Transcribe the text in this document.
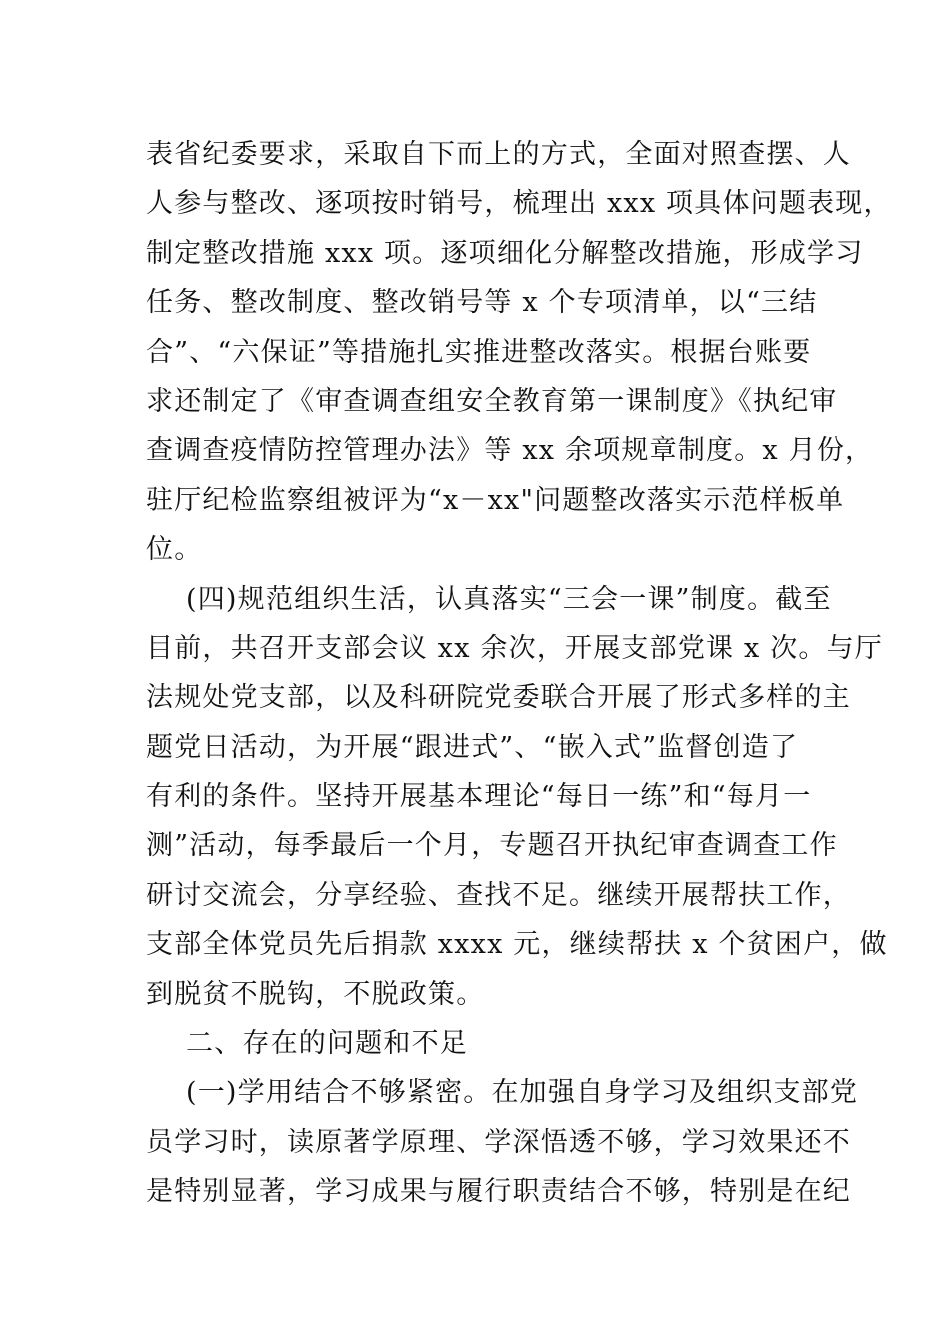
表省纪委要求，采取自下而上的方式，全面对照查摆、人
人参与整改、逐项按时销号，梳理出 xxx 项具体问题表现，
制定整改措施 xxx 项。逐项细化分解整改措施，形成学习
任务、整改制度、整改销号等 x 个专项清单，以“三结
合”、“六保证”等措施扎实推进整改落实。根据台账要
求还制定了《审查调查组安全教育第一课制度》《执纪审
查调查疫情防控管理办法》等 xx 余项规章制度。x 月份，
驻厅纪检监察组被评为“x－xx"问题整改落实示范样板单
位。
(四)规范组织生活，认真落实“三会一课”制度。截至
目前，共召开支部会议 xx 余次，开展支部党课 x 次。与厅
法规处党支部，以及科研院党委联合开展了形式多样的主
题党日活动，为开展“跟进式”、“嵌入式”监督创造了
有利的条件。坚持开展基本理论“每日一练”和“每月一
测”活动，每季最后一个月，专题召开执纪审查调查工作
研讨交流会，分享经验、查找不足。继续开展帮扶工作，
支部全体党员先后捐款 xxxx 元，继续帮扶 x 个贫困户，做
到脱贫不脱钩，不脱政策。
二、存在的问题和不足
(一)学用结合不够紧密。在加强自身学习及组织支部党
员学习时，读原著学原理、学深悟透不够，学习效果还不
是特别显著，学习成果与履行职责结合不够，特别是在纪
